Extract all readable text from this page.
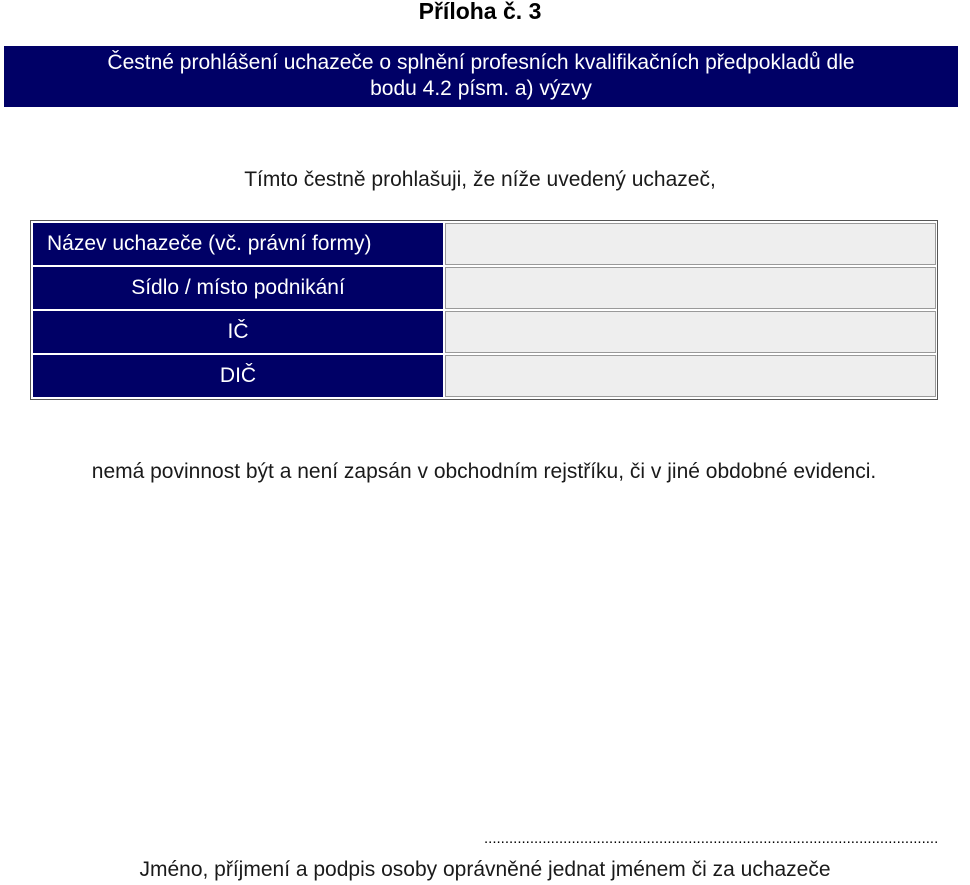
Příloha č. 3
Čestné prohlášení uchazeče o splnění profesních kvalifikačních předpokladů dle
bodu 4.2 písm. a) výzvy
Tímto čestně prohlašuji, že níže uvedený uchazeč,
Název uchazeče (vč. právní formy)
Sídlo / místo podnikání
IČ
DIČ
nemá povinnost být a není zapsán v obchodním rejstříku, či v jiné obdobné evidenci.
.............................................................................................................
Jméno, příjmení a podpis osoby oprávněné jednat jménem či za uchazeče
